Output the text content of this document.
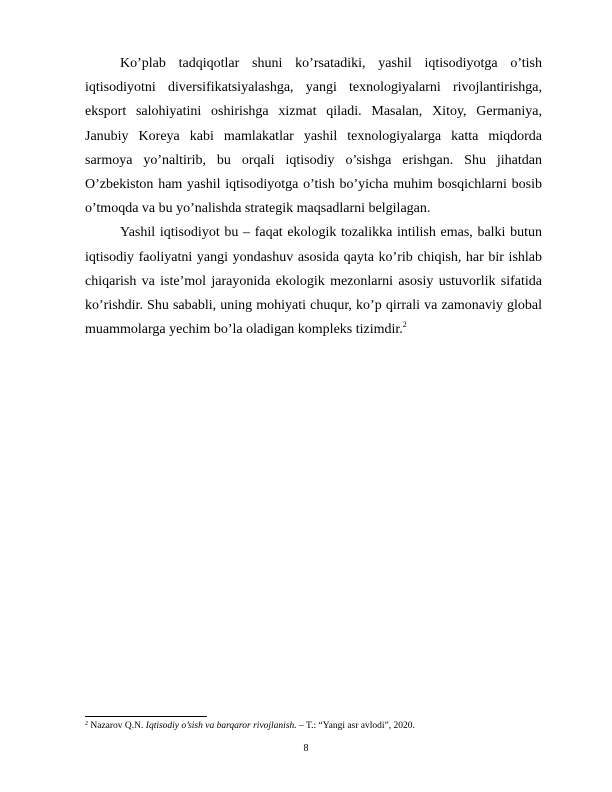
Ko’plab tadqiqotlar shuni ko’rsatadiki, yashil iqtisodiyotga o’tish iqtisodiyotni diversifikatsiyalashga, yangi texnologiyalarni rivojlantirishga, eksport salohiyatini oshirishga xizmat qiladi. Masalan, Xitoy, Germaniya, Janubiy Koreya kabi mamlakatlar yashil texnologiyalarga katta miqdorda sarmoya yo’naltirib, bu orqali iqtisodiy o’sishga erishgan. Shu jihatdan O’zbekiston ham yashil iqtisodiyotga o’tish bo’yicha muhim bosqichlarni bosib o’tmoqda va bu yo’nalishda strategik maqsadlarni belgilagan.

Yashil iqtisodiyot bu – faqat ekologik tozalikka intilish emas, balki butun iqtisodiy faoliyatni yangi yondashuv asosida qayta ko’rib chiqish, har bir ishlab chiqarish va iste’mol jarayonida ekologik mezonlarni asosiy ustuvorlik sifatida ko’rishdir. Shu sababli, uning mohiyati chuqur, ko’p qirrali va zamonaviy global muammolarga yechim bo’la oladigan kompleks tizimdir.$^2$

$^2$ Nazarov Q.N. Iqtisodiy o’sish va barqaror rivojlanish. – T.: “Yangi asr avlodi”, 2020.
8
